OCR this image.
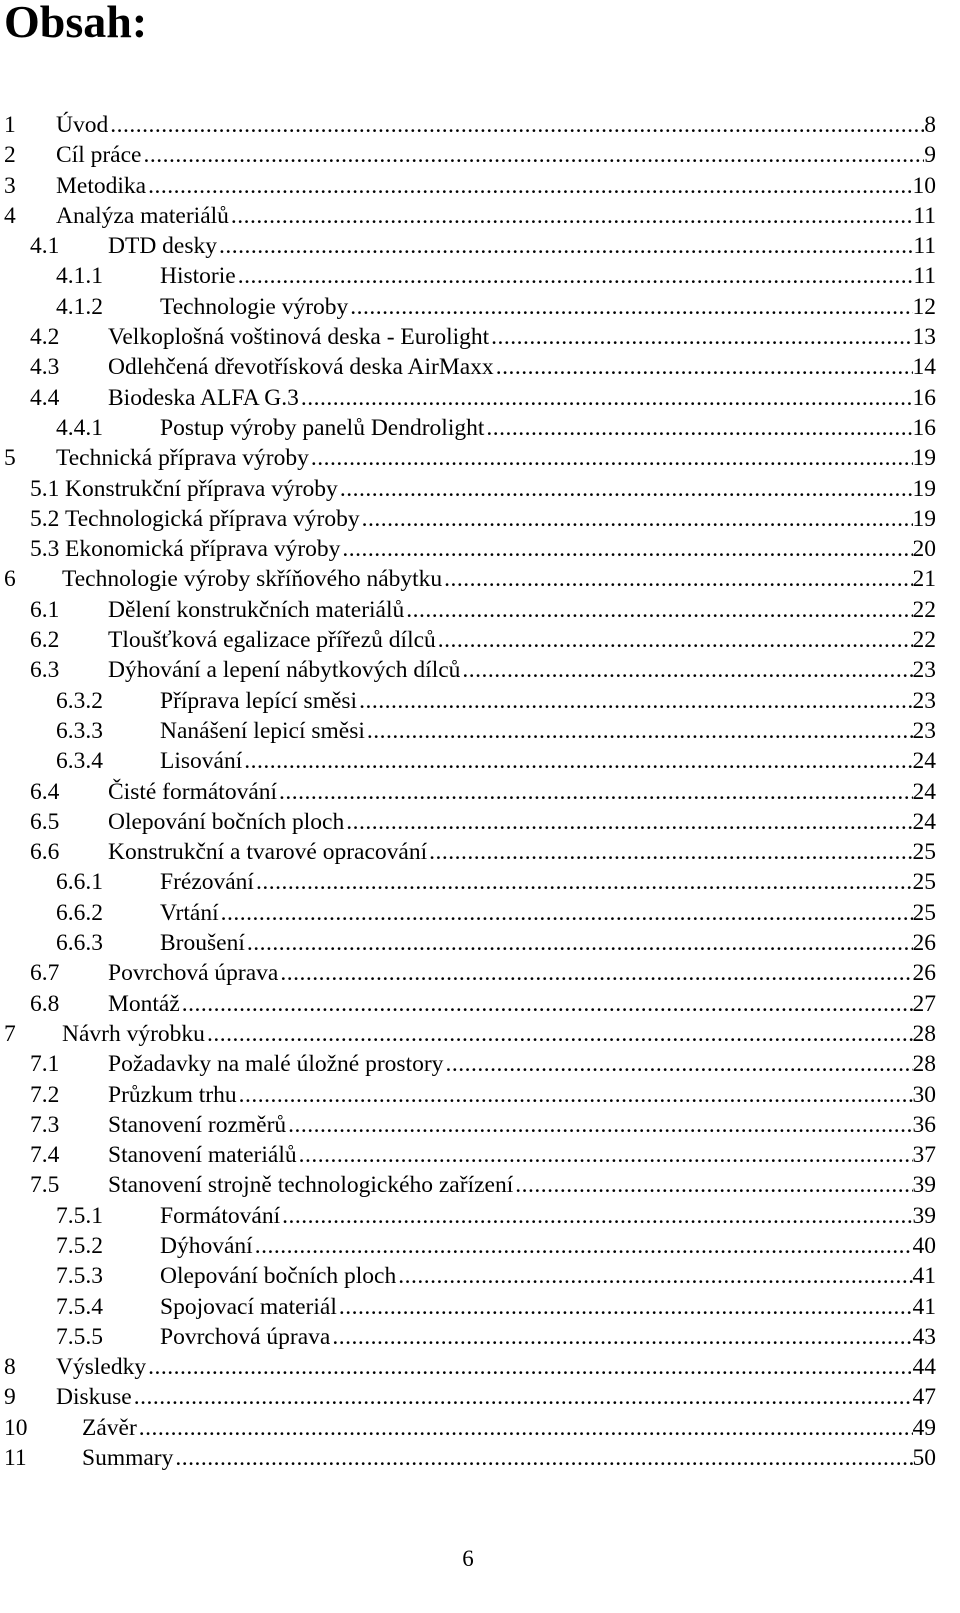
Obsah:
1 Úvod .....	8
2 Cíl práce .....	9
3 Metodika .....	10
4 Analýza materiálů .....	11
4.1 DTD desky .....	11
4.1.1 Historie .....	11
4.1.2 Technologie výroby .....	12
4.2 Velkoplošná voštinová deska - Eurolight .....	13
4.3 Odlehčená dřevotřísková deska AirMaxx .....	14
4.4 Biodeska ALFA G.3 .....	16
4.4.1 Postup výroby panelů Dendrolight .....	16
5 Technická příprava výroby .....	19
5.1 Konstrukční příprava výroby .....	19
5.2 Technologická příprava výroby .....	19
5.3 Ekonomická příprava výroby .....	20
6 Technologie výroby skříňového nábytku .....	21
6.1 Dělení konstrukčních materiálů .....	22
6.2 Tloušťková egalizace přířezů dílců .....	22
6.3 Dýhování a lepení nábytkových dílců .....	23
6.3.2 Příprava lepící směsi .....	23
6.3.3 Nanášení lepicí směsi .....	23
6.3.4 Lisování .....	24
6.4 Čisté formátování .....	24
6.5 Olepování bočních ploch .....	24
6.6 Konstrukční a tvarové opracování .....	25
6.6.1 Frézování .....	25
6.6.2 Vrtání .....	25
6.6.3 Broušení .....	26
6.7 Povrchová úprava .....	26
6.8 Montáž .....	27
7 Návrh výrobku .....	28
7.1 Požadavky na malé úložné prostory .....	28
7.2 Průzkum trhu .....	30
7.3 Stanovení rozměrů .....	36
7.4 Stanovení materiálů .....	37
7.5 Stanovení strojně technologického zařízení .....	39
7.5.1 Formátování .....	39
7.5.2 Dýhování .....	40
7.5.3 Olepování bočních ploch .....	41
7.5.4 Spojovací materiál .....	41
7.5.5 Povrchová úprava .....	43
8 Výsledky .....	44
9 Diskuse .....	47
10 Závěr .....	49
11 Summary .....	50
6
